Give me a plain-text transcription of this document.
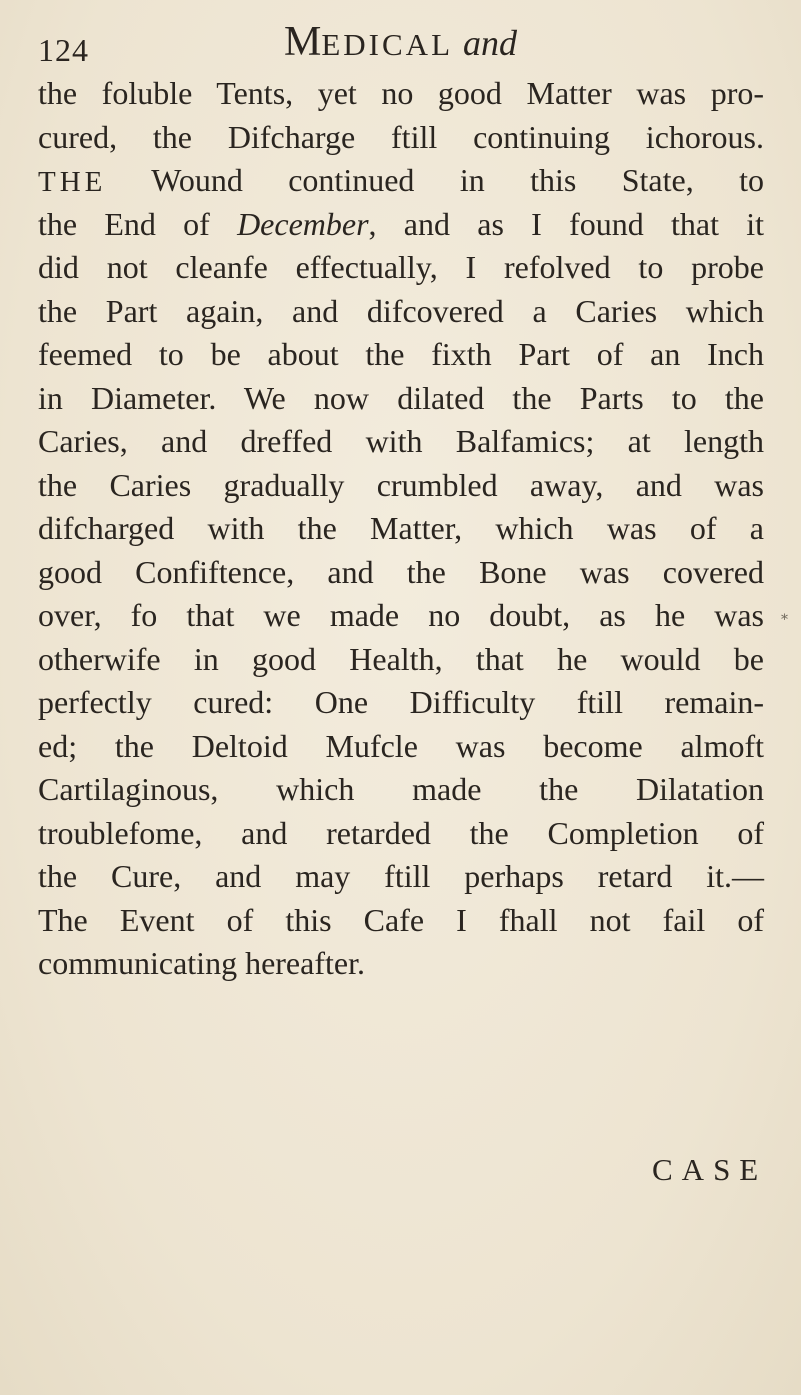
124	MEDICAL and
the foluble Tents, yet no good Matter was pro-
cured, the Difcharge ftill continuing ichorous.
THE Wound continued in this State, to
the End of December, and as I found that it
did not cleanfe effectually, I refolved to probe
the Part again, and difcovered a Caries which
feemed to be about the fixth Part of an Inch
in Diameter. We now dilated the Parts to the
Caries, and dreffed with Balfamics; at length
the Caries gradually crumbled away, and was
difcharged with the Matter, which was of a
good Confiftence, and the Bone was covered
over, fo that we made no doubt, as he was
otherwife in good Health, that he would be
perfectly cured: One Difficulty ftill remain-
ed; the Deltoid Mufcle was become almoft
Cartilaginous, which made the Dilatation
troublefome, and retarded the Completion of
the Cure, and may ftill perhaps retard it.—
The Event of this Cafe I fhall not fail of
communicating hereafter.
*
CASE
